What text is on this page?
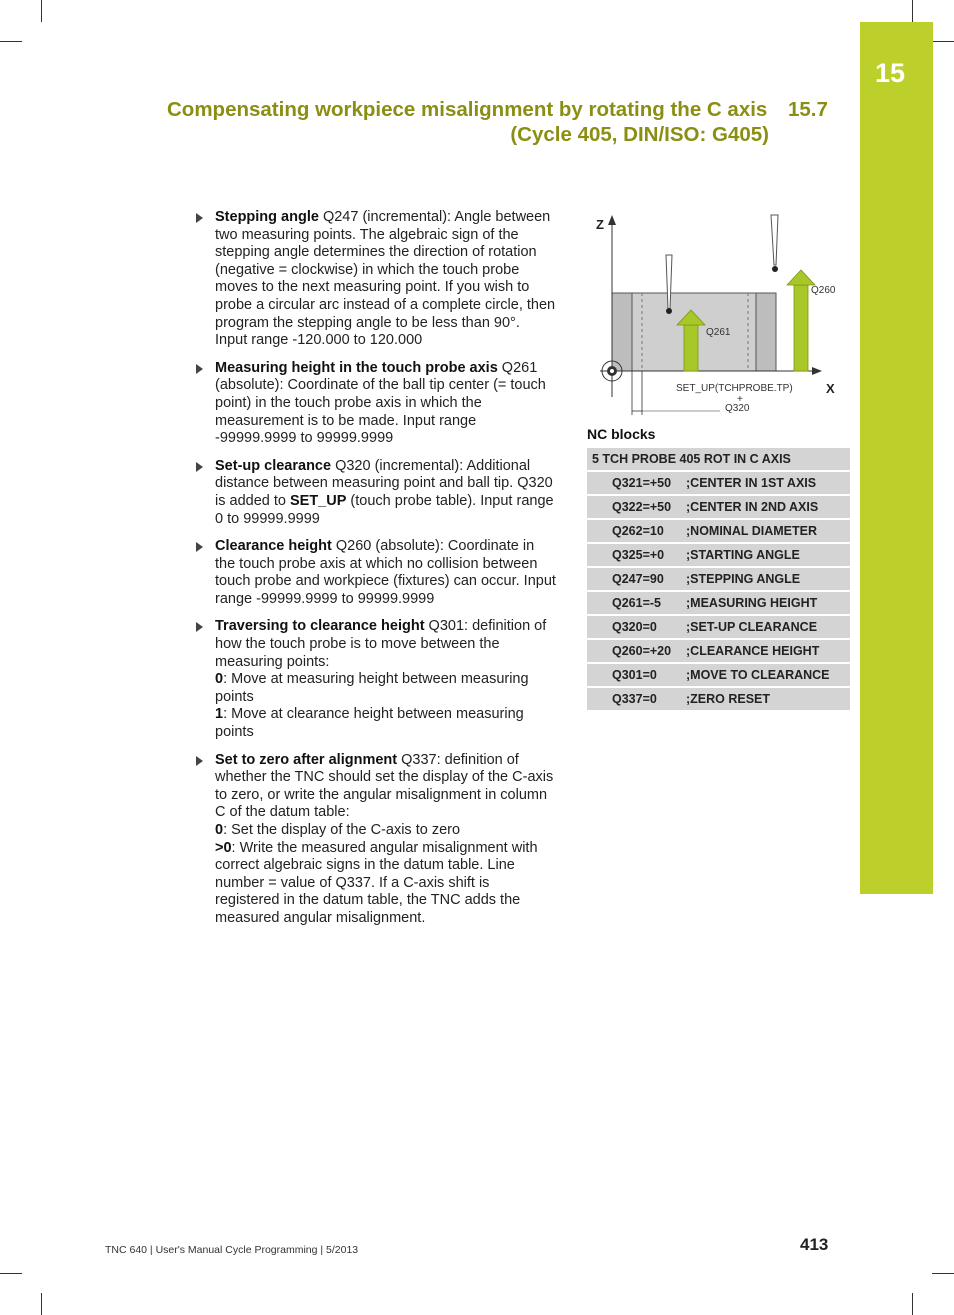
15
Compensating workpiece misalignment by rotating the C axis 15.7
(Cycle 405, DIN/ISO: G405)
Stepping angle Q247 (incremental): Angle between two measuring points. The algebraic sign of the stepping angle determines the direction of rotation (negative = clockwise) in which the touch probe moves to the next measuring point. If you wish to probe a circular arc instead of a complete circle, then program the stepping angle to be less than 90°. Input range -120.000 to 120.000
Measuring height in the touch probe axis Q261 (absolute): Coordinate of the ball tip center (= touch point) in the touch probe axis in which the measurement is to be made. Input range -99999.9999 to 99999.9999
Set-up clearance Q320 (incremental): Additional distance between measuring point and ball tip. Q320 is added to SET_UP (touch probe table). Input range 0 to 99999.9999
Clearance height Q260 (absolute): Coordinate in the touch probe axis at which no collision between touch probe and workpiece (fixtures) can occur. Input range -99999.9999 to 99999.9999
Traversing to clearance height Q301: definition of how the touch probe is to move between the measuring points:
0: Move at measuring height between measuring points
1: Move at clearance height between measuring points
Set to zero after alignment Q337: definition of whether the TNC should set the display of the C-axis to zero, or write the angular misalignment in column C of the datum table:
0: Set the display of the C-axis to zero
>0: Write the measured angular misalignment with correct algebraic signs in the datum table. Line number = value of Q337. If a C-axis shift is registered in the datum table, the TNC adds the measured angular misalignment.
Z
X
Q261
Q260
SET_UP(TCHPROBE.TP)
+
Q320
NC blocks
5 TCH PROBE 405 ROT IN C AXIS	
Q321=+50	;CENTER IN 1ST AXIS
Q322=+50	;CENTER IN 2ND AXIS
Q262=10	;NOMINAL DIAMETER
Q325=+0	;STARTING ANGLE
Q247=90	;STEPPING ANGLE
Q261=-5	;MEASURING HEIGHT
Q320=0	;SET-UP CLEARANCE
Q260=+20	;CLEARANCE HEIGHT
Q301=0	;MOVE TO CLEARANCE
Q337=0	;ZERO RESET
TNC 640 | User's Manual Cycle Programming | 5/2013	413
